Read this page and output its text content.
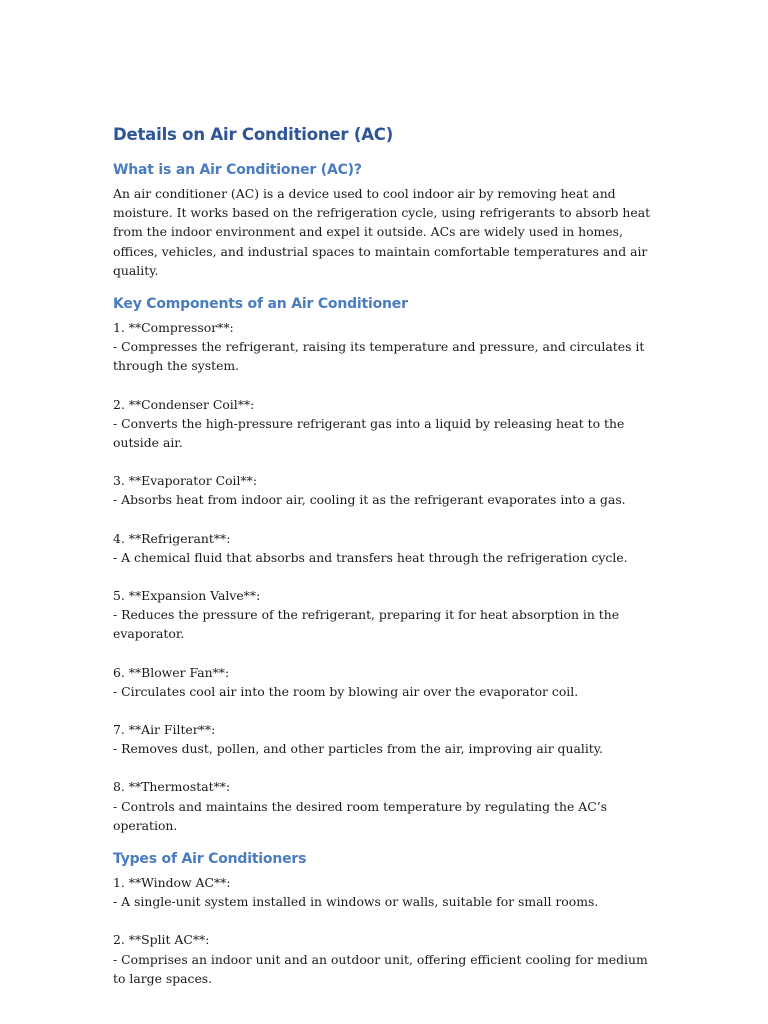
Details on Air Conditioner (AC)
What is an Air Conditioner (AC)?

An air conditioner (AC) is a device used to cool indoor air by removing heat and moisture. It works based on the refrigeration cycle, using refrigerants to absorb heat from the indoor environment and expel it outside. ACs are widely used in homes, offices, vehicles, and industrial spaces to maintain comfortable temperatures and air quality.

Key Components of an Air Conditioner
1. **Compressor**:
- Compresses the refrigerant, raising its temperature and pressure, and circulates it through the system.
2. **Condenser Coil**:
- Converts the high-pressure refrigerant gas into a liquid by releasing heat to the outside air.
3. **Evaporator Coil**:
- Absorbs heat from indoor air, cooling it as the refrigerant evaporates into a gas.
4. **Refrigerant**:
- A chemical fluid that absorbs and transfers heat through the refrigeration cycle.
5. **Expansion Valve**:
- Reduces the pressure of the refrigerant, preparing it for heat absorption in the evaporator.
6. **Blower Fan**:
- Circulates cool air into the room by blowing air over the evaporator coil.
7. **Air Filter**:
- Removes dust, pollen, and other particles from the air, improving air quality.
8. **Thermostat**:
- Controls and maintains the desired room temperature by regulating the AC’s operation.
Types of Air Conditioners
1. **Window AC**:
- A single-unit system installed in windows or walls, suitable for small rooms.
2. **Split AC**:
- Comprises an indoor unit and an outdoor unit, offering efficient cooling for medium to large spaces.
